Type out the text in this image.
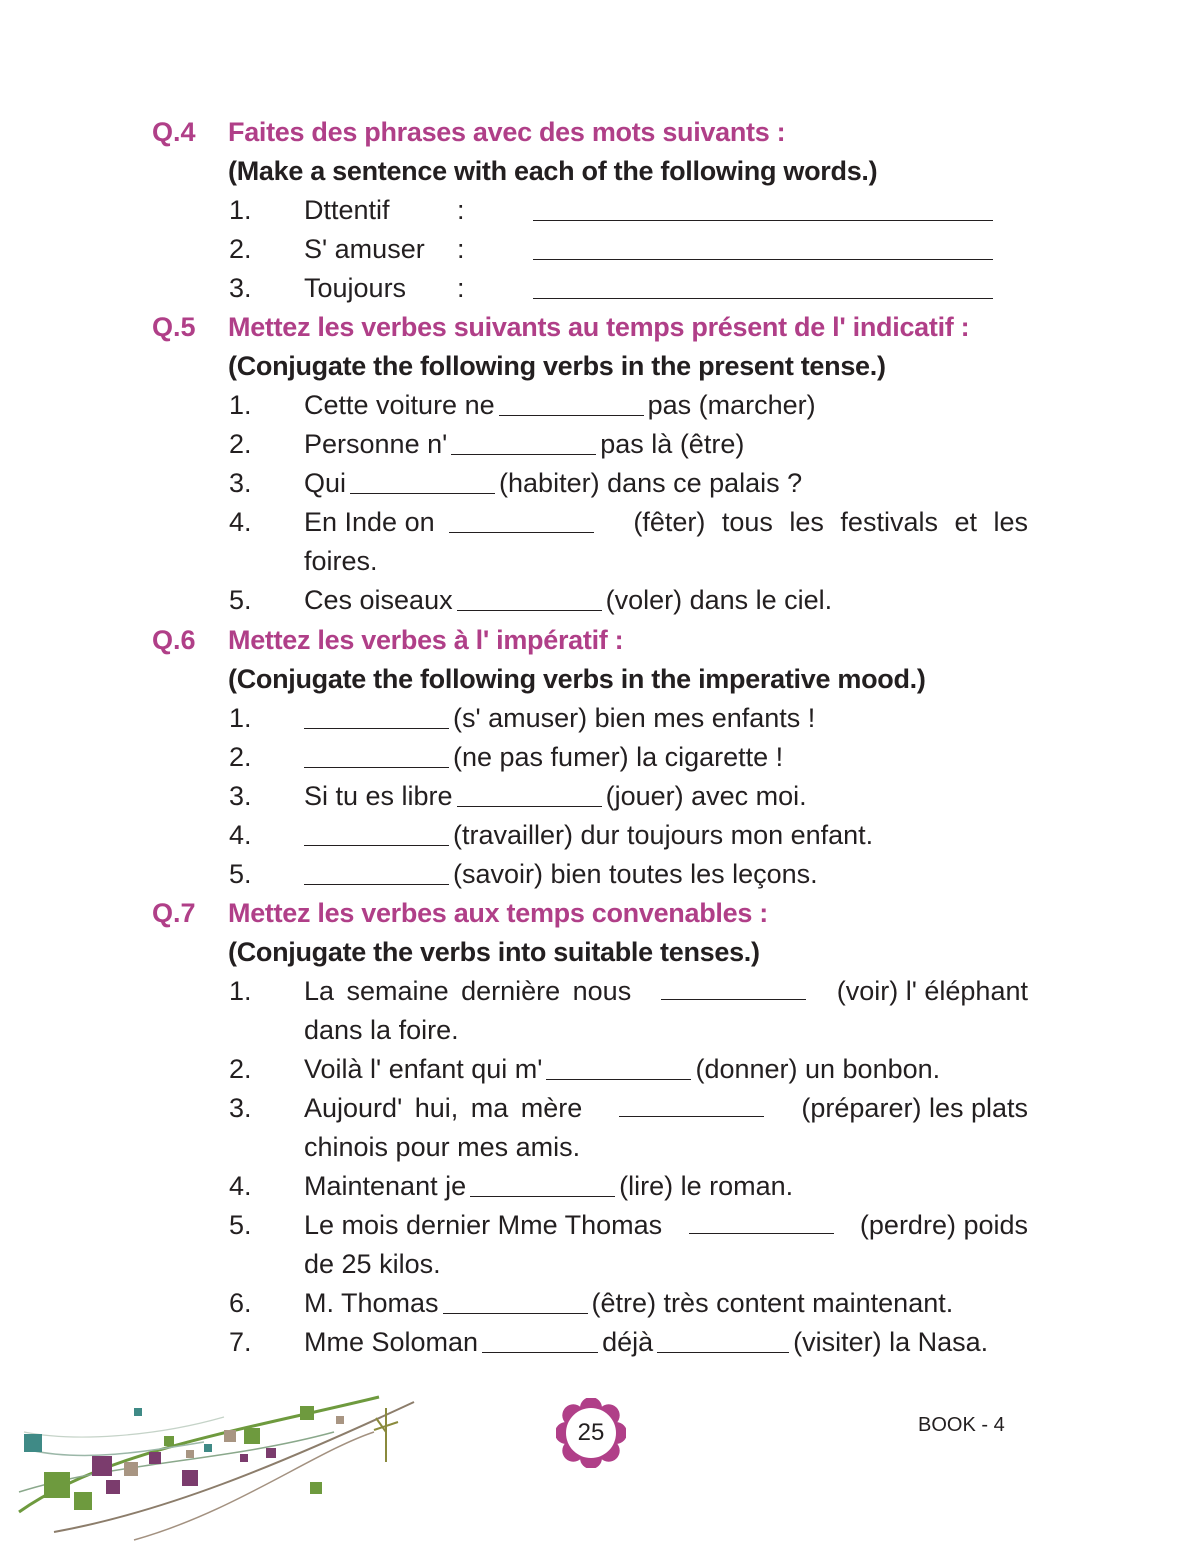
Q.4 Faites des phrases avec des mots suivants :
(Make a sentence with each of the following words.)
1. Dttentif	:
2. S' amuser	:
3. Toujours	:
Q.5 Mettez les verbes suivants au temps présent de l' indicatif :
(Conjugate the following verbs in the present tense.)
1. Cette voiture ne	pas (marcher)
2. Personne n'	pas là (être)
3. Qui	(habiter) dans ce palais ?
4. En Inde on	(fêter) tous les festivals et les
foires.
5. Ces oiseaux	(voler) dans le ciel.
Q.6 Mettez les verbes à l' impératif :
(Conjugate the following verbs in the imperative mood.)
1.	(s' amuser) bien mes enfants !
2.	(ne pas fumer) la cigarette !
3. Si tu es libre	(jouer) avec moi.
4.	(travailler) dur toujours mon enfant.
5.	(savoir) bien toutes les leçons.
Q.7 Mettez les verbes aux temps convenables :
(Conjugate the verbs into suitable tenses.)
1. La semaine dernière nous	(voir) l' éléphant
dans la foire.
2. Voilà l' enfant qui m'	(donner) un bonbon.
3. Aujourd' hui, ma mère	(préparer) les plats
chinois pour mes amis.
4. Maintenant je	(lire) le roman.
5. Le mois dernier Mme Thomas	(perdre) poids
de 25 kilos.
6. M. Thomas	(être) très content maintenant.
7. Mme Soloman	déjà	(visiter) la Nasa.
25	BOOK - 4
